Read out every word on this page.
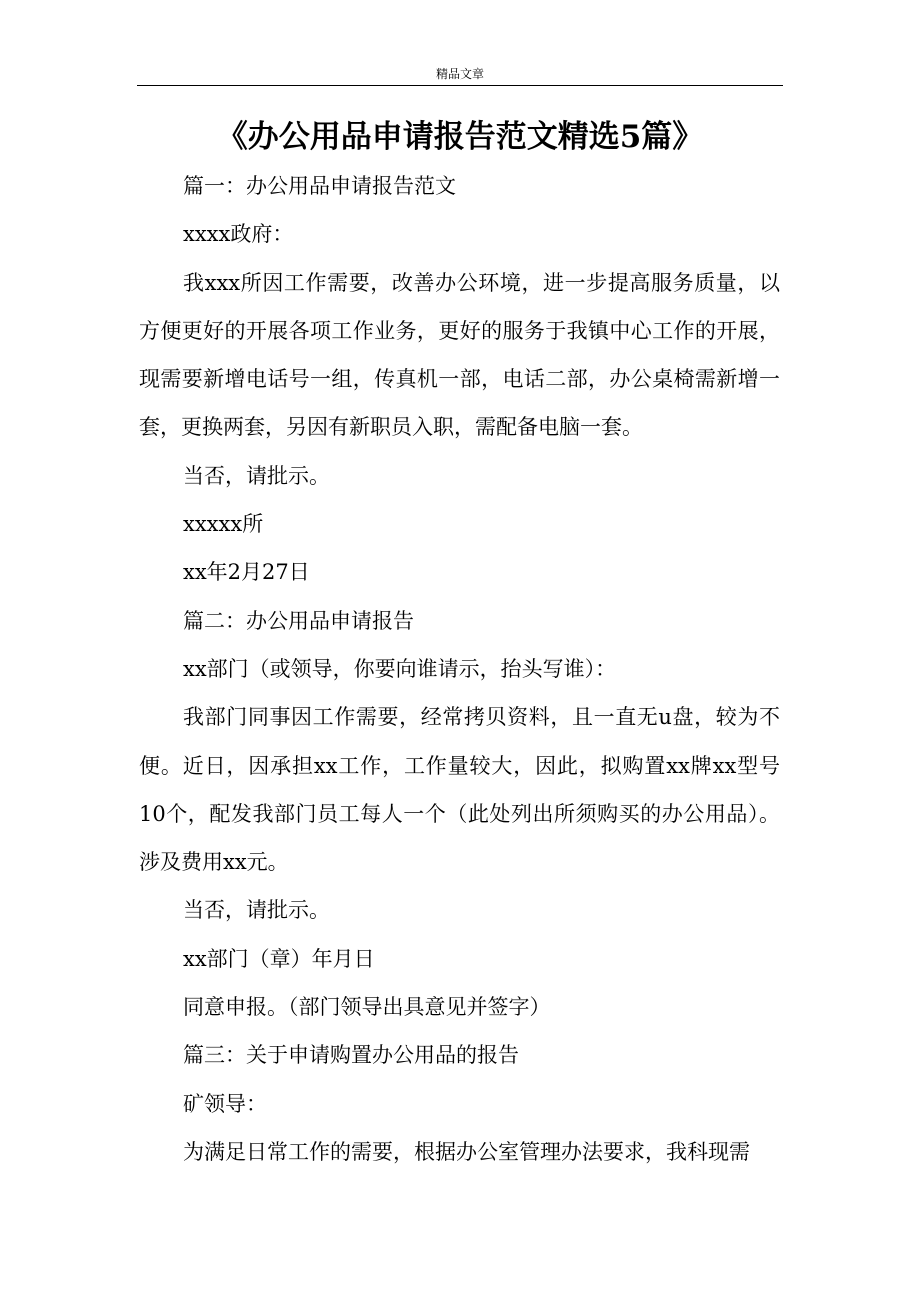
精品文章
《办公用品申请报告范文精选5篇》

篇一：办公用品申请报告范文

xxxx政府：

我xxx所因工作需要，改善办公环境，进一步提高服务质量，以方便更好的开展各项工作业务，更好的服务于我镇中心工作的开展，现需要新增电话号一组，传真机一部，电话二部，办公桌椅需新增一套，更换两套，另因有新职员入职，需配备电脑一套。

当否，请批示。

xxxxx所

xx年2月27日

篇二：办公用品申请报告

xx部门（或领导，你要向谁请示，抬头写谁）：

我部门同事因工作需要，经常拷贝资料，且一直无u盘，较为不便。近日，因承担xx工作，工作量较大，因此，拟购置xx牌xx型号10个，配发我部门员工每人一个（此处列出所须购买的办公用品）。涉及费用xx元。

当否，请批示。

xx部门（章）年月日

同意申报。（部门领导出具意见并签字）

篇三：关于申请购置办公用品的报告

矿领导：

为满足日常工作的需要，根据办公室管理办法要求，我科现需
